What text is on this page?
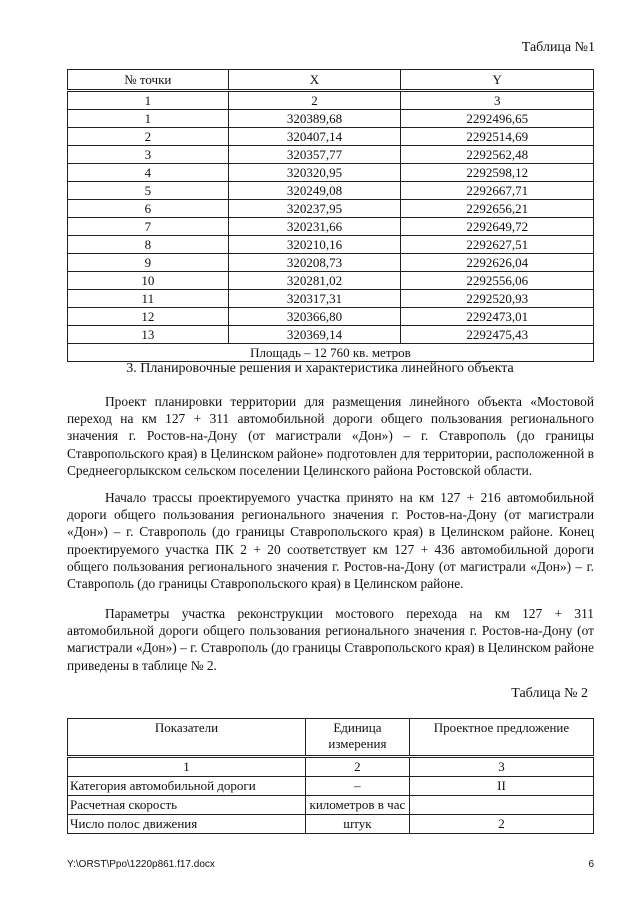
Таблица №1
№ точки	X	Y
1	2	3
1	320389,68	2292496,65
2	320407,14	2292514,69
3	320357,77	2292562,48
4	320320,95	2292598,12
5	320249,08	2292667,71
6	320237,95	2292656,21
7	320231,66	2292649,72
8	320210,16	2292627,51
9	320208,73	2292626,04
10	320281,02	2292556,06
11	320317,31	2292520,93
12	320366,80	2292473,01
13	320369,14	2292475,43
Площадь – 12 760 кв. метров		
3. Планировочные решения и характеристика линейного объекта
Проект планировки территории для размещения линейного объекта «Мостовой переход на км 127 + 311 автомобильной дороги общего пользования регионального значения г. Ростов-на-Дону (от магистрали «Дон») – г. Ставрополь (до границы Ставропольского края) в Целинском районе» подготовлен для территории, расположенной в Среднеегорлыкском сельском поселении Целинского района Ростовской области.
Начало трассы проектируемого участка принято на км 127 + 216 автомобильной дороги общего пользования регионального значения г. Ростов-на-Дону (от магистрали «Дон») – г. Ставрополь (до границы Ставропольского края) в Целинском районе. Конец проектируемого участка ПК 2 + 20 соответствует км 127 + 436 автомобильной дороги общего пользования регионального значения г. Ростов-на-Дону (от магистрали «Дон») – г. Ставрополь (до границы Ставропольского края) в Целинском районе.
Параметры участка реконструкции мостового перехода на км 127 + 311 автомобильной дороги общего пользования регионального значения г. Ростов-на-Дону (от магистрали «Дон») – г. Ставрополь (до границы Ставропольского края) в Целинском районе приведены в таблице № 2.
Таблица № 2
Показатели	Единица измерения	Проектное предложение
1	2	3
Категория автомобильной дороги	–	II
Расчетная скорость	километров в час	
Число полос движения	штук	2
Y:\ORST\Ppo\1220p861.f17.docx	6
